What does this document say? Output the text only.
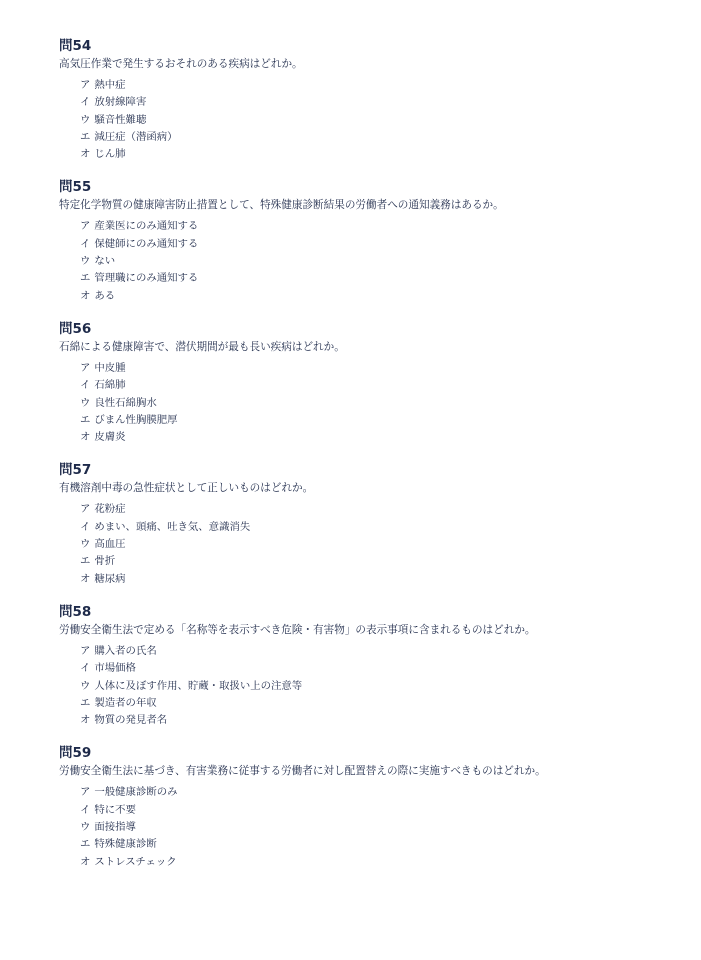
問54
高気圧作業で発生するおそれのある疾病はどれか。
ア 熱中症
イ 放射線障害
ウ 騒音性難聴
エ 減圧症（潜函病）
オ じん肺
問55
特定化学物質の健康障害防止措置として、特殊健康診断結果の労働者への通知義務はあるか。
ア 産業医にのみ通知する
イ 保健師にのみ通知する
ウ ない
エ 管理職にのみ通知する
オ ある
問56
石綿による健康障害で、潜伏期間が最も長い疾病はどれか。
ア 中皮腫
イ 石綿肺
ウ 良性石綿胸水
エ びまん性胸膜肥厚
オ 皮膚炎
問57
有機溶剤中毒の急性症状として正しいものはどれか。
ア 花粉症
イ めまい、頭痛、吐き気、意識消失
ウ 高血圧
エ 骨折
オ 糖尿病
問58
労働安全衛生法で定める「名称等を表示すべき危険・有害物」の表示事項に含まれるものはどれか。
ア 購入者の氏名
イ 市場価格
ウ 人体に及ぼす作用、貯蔵・取扱い上の注意等
エ 製造者の年収
オ 物質の発見者名
問59
労働安全衛生法に基づき、有害業務に従事する労働者に対し配置替えの際に実施すべきものはどれか。
ア 一般健康診断のみ
イ 特に不要
ウ 面接指導
エ 特殊健康診断
オ ストレスチェック
